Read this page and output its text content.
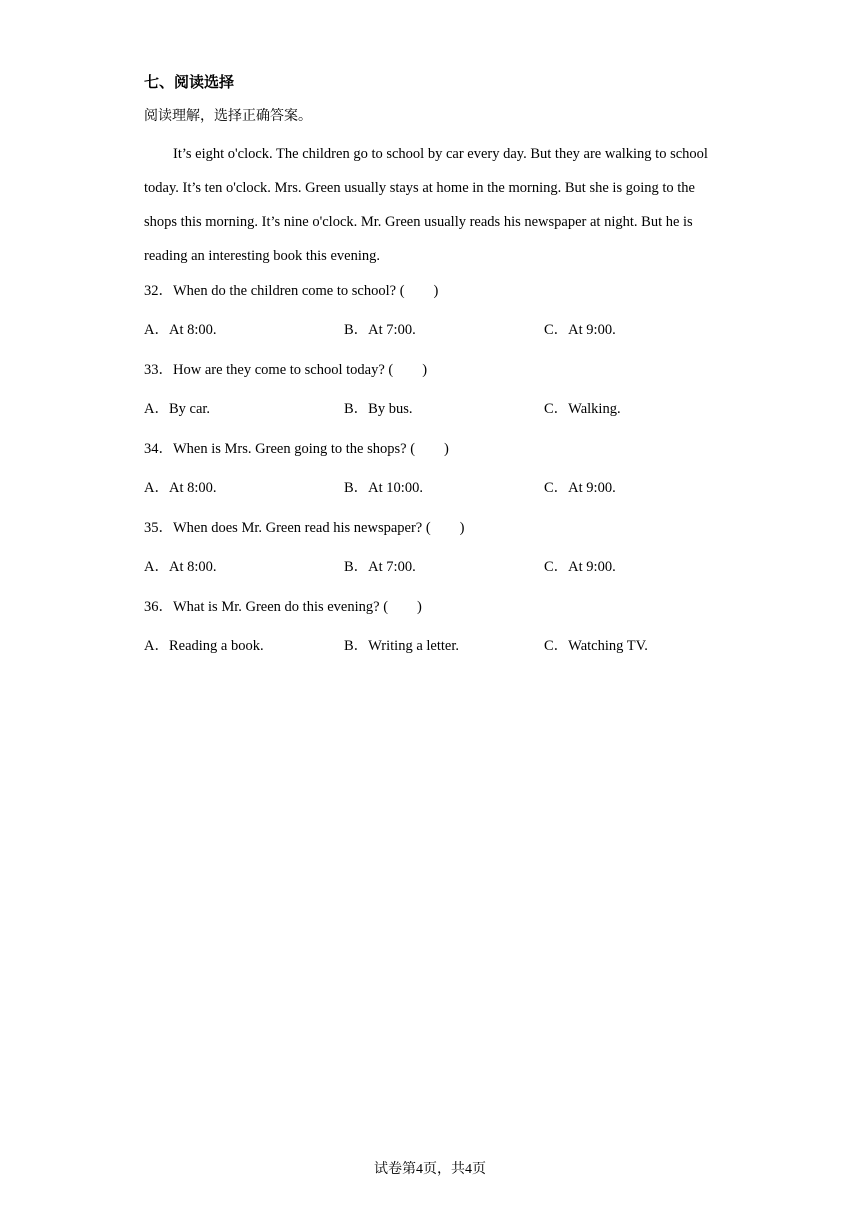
七、阅读选择
阅读理解，选择正确答案。

It’s eight o'clock. The children go to school by car every day. But they are walking to school today. It’s ten o'clock. Mrs. Green usually stays at home in the morning. But she is going to the shops this morning. It’s nine o'clock. Mr. Green usually reads his newspaper at night. But he is reading an interesting book this evening.

32．When do the children come to school? (　　)
A．At 8:00.	B．At 7:00.	C．At 9:00.
33．How are they come to school today? (　　)
A．By car.	B．By bus.	C．Walking.
34．When is Mrs. Green going to the shops? (　　)
A．At 8:00.	B．At 10:00.	C．At 9:00.
35．When does Mr. Green read his newspaper? (　　)
A．At 8:00.	B．At 7:00.	C．At 9:00.
36．What is Mr. Green do this evening? (　　)
A．Reading a book.	B．Writing a letter.	C．Watching TV.
试卷第4页，共4页
